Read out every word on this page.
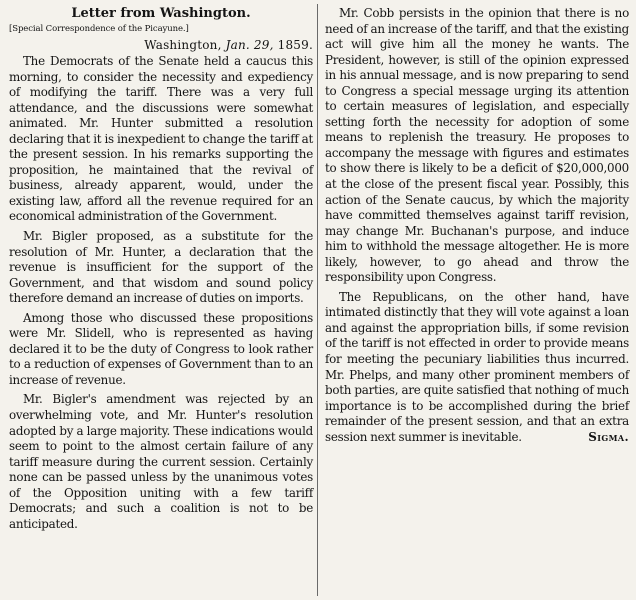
Letter from Washington.
[Special Correspondence of the Picayune.]
Washington, Jan. 29, 1859.

The Democrats of the Senate held a caucus this morning, to consider the necessity and expediency of modifying the tariff. There was a very full attendance, and the discussions were somewhat animated. Mr. Hunter submitted a resolution declaring that it is inexpedient to change the tariff at the present session. In his remarks supporting the proposition, he maintained that the revival of business, already apparent, would, under the existing law, afford all the revenue required for an economical administration of the Government.

Mr. Bigler proposed, as a substitute for the resolution of Mr. Hunter, a declaration that the revenue is insufficient for the support of the Government, and that wisdom and sound policy therefore demand an increase of duties on imports.

Among those who discussed these propositions were Mr. Slidell, who is represented as having declared it to be the duty of Congress to look rather to a reduction of expenses of Government than to an increase of revenue.

Mr. Bigler's amendment was rejected by an overwhelming vote, and Mr. Hunter's resolution adopted by a large majority. These indications would seem to point to the almost certain failure of any tariff measure during the current session. Certainly none can be passed unless by the unanimous votes of the Opposition uniting with a few tariff Democrats; and such a coalition is not to be anticipated.

Mr. Cobb persists in the opinion that there is no need of an increase of the tariff, and that the existing act will give him all the money he wants. The President, however, is still of the opinion expressed in his annual message, and is now preparing to send to Congress a special message urging its attention to certain measures of legislation, and especially setting forth the necessity for adoption of some means to replenish the treasury. He proposes to accompany the message with figures and estimates to show there is likely to be a deficit of $20,000,000 at the close of the present fiscal year. Possibly, this action of the Senate caucus, by which the majority have committed themselves against tariff revision, may change Mr. Buchanan's purpose, and induce him to withhold the message altogether. He is more likely, however, to go ahead and throw the responsibility upon Congress.

The Republicans, on the other hand, have intimated distinctly that they will vote against a loan and against the appropriation bills, if some revision of the tariff is not effected in order to provide means for meeting the pecuniary liabilities thus incurred. Mr. Phelps, and many other prominent members of both parties, are quite satisfied that nothing of much importance is to be accomplished during the brief remainder of the present session, and that an extra session next summer is inevitable.	Sigma.
